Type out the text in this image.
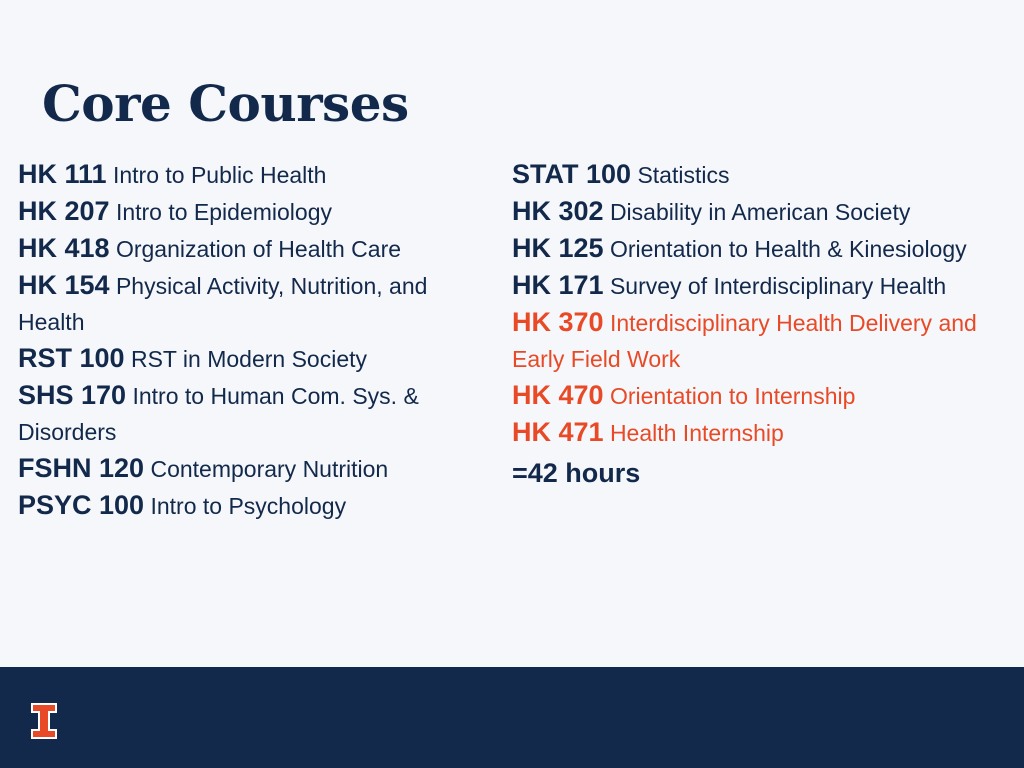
Core Courses

HK 111 Intro to Public Health

HK 207 Intro to Epidemiology

HK 418 Organization of Health Care

HK 154 Physical Activity, Nutrition, and Health

RST 100 RST in Modern Society

SHS 170 Intro to Human Com. Sys. & Disorders

FSHN 120 Contemporary Nutrition

PSYC 100 Intro to Psychology

STAT 100 Statistics

HK 302 Disability in American Society

HK 125 Orientation to Health & Kinesiology

HK 171 Survey of Interdisciplinary Health

HK 370 Interdisciplinary Health Delivery and Early Field Work

HK 470 Orientation to Internship

HK 471 Health Internship

=42 hours
